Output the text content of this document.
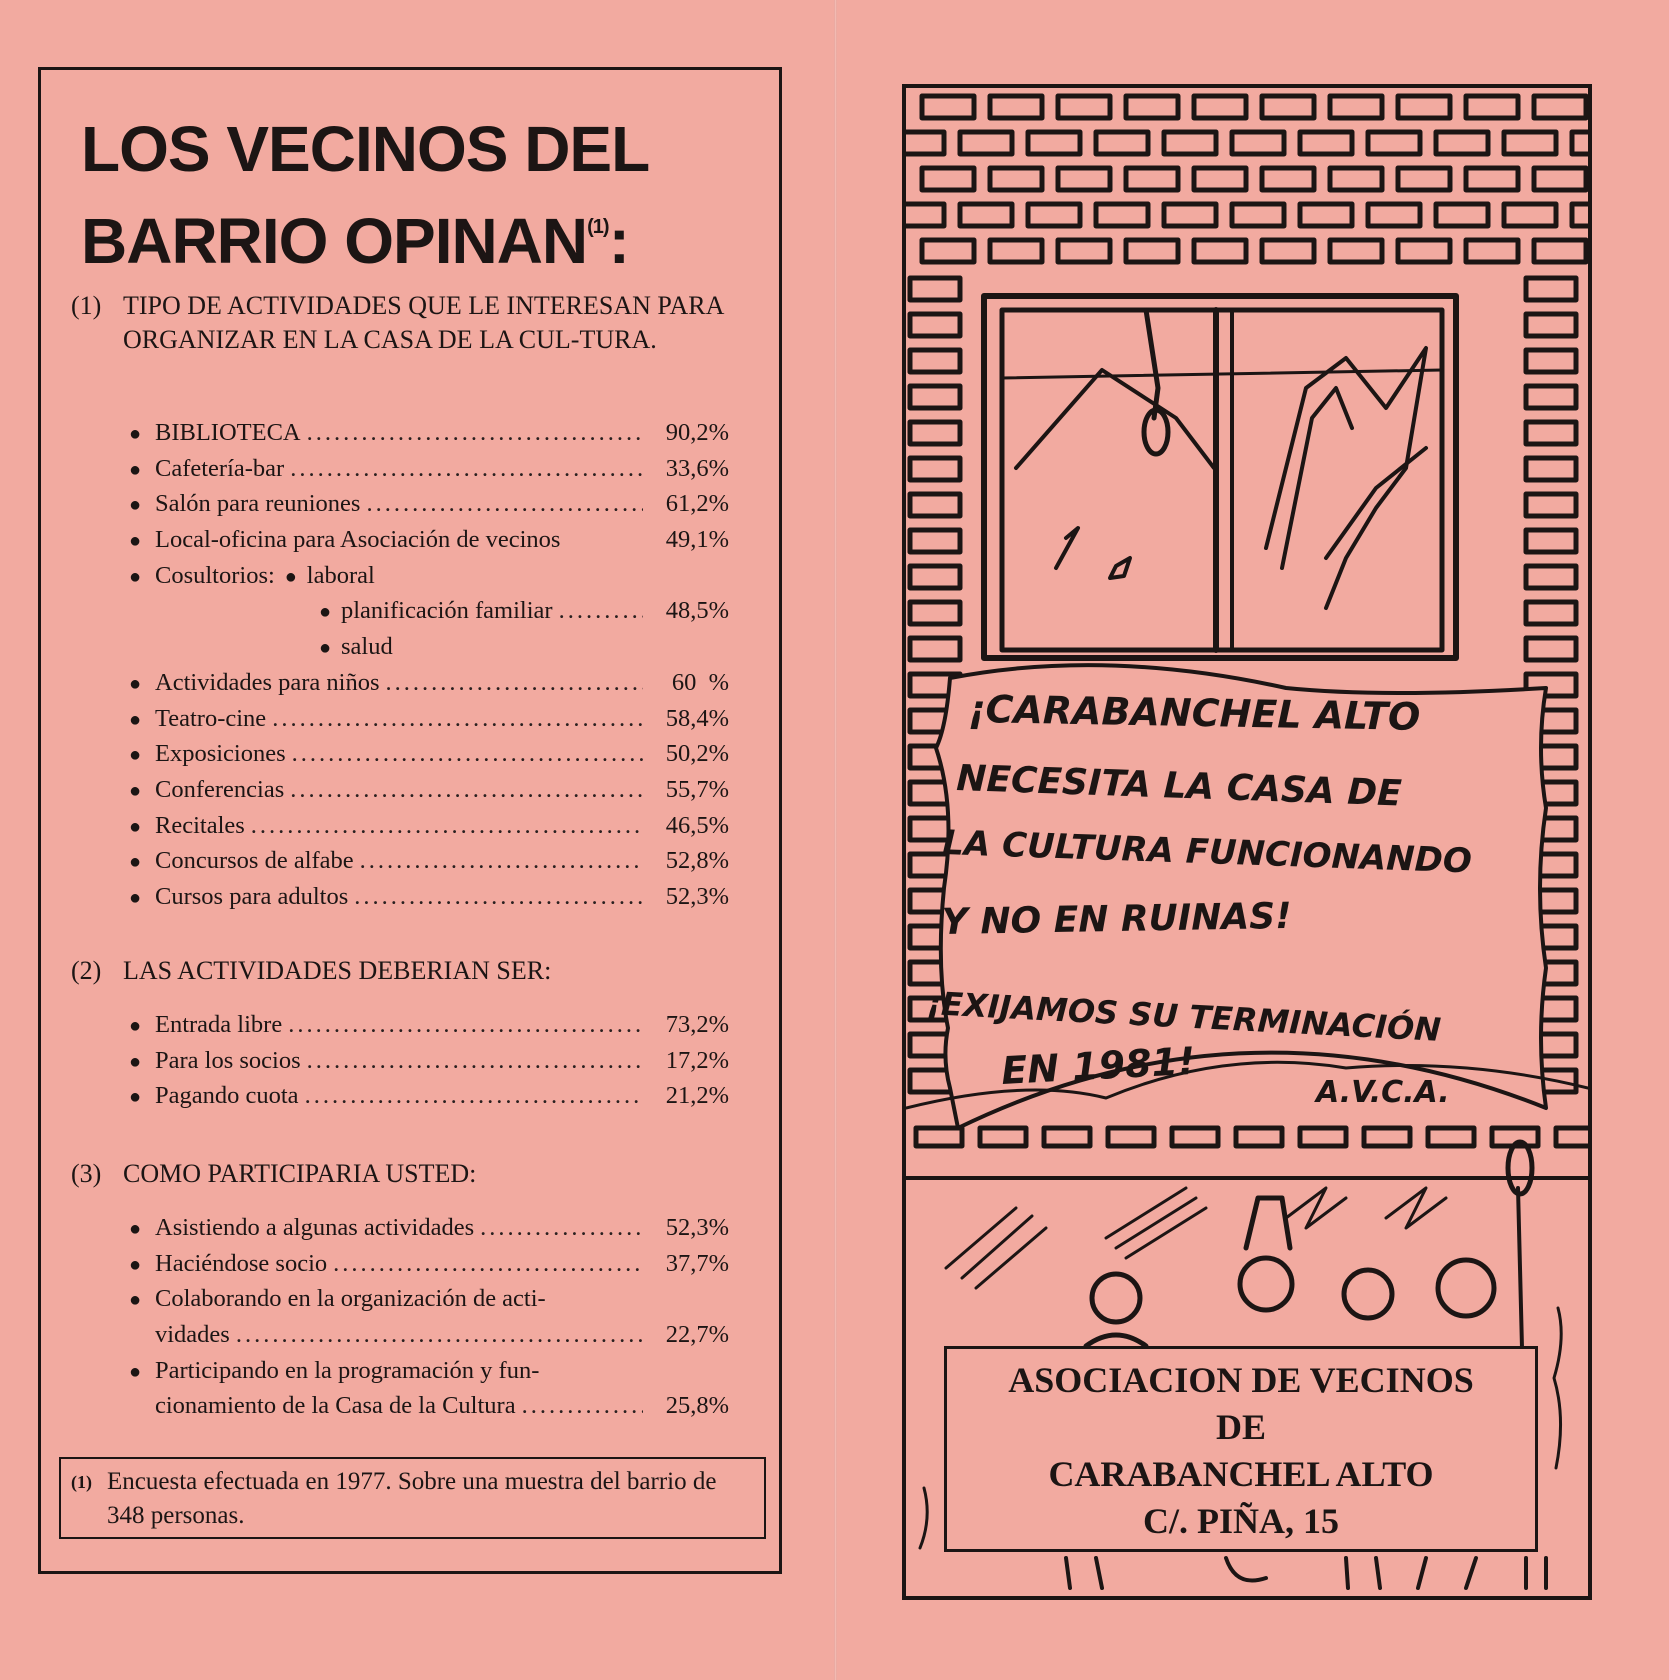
LOS VECINOS DEL
BARRIO OPINAN$^{(1)}$:
(1) TIPO DE ACTIVIDADES QUE LE INTERESAN PARA ORGANIZAR EN LA CASA DE LA CUL-TURA.
● BIBLIOTECA .....	90,2%
● Cafetería-bar .....	33,6%
● Salón para reuniones .....	61,2%
● Local-oficina para Asociación de vecinos	49,1%
● Cosultorios: ● laboral
● planificación familiar .....	48,5%
● salud
● Actividades para niños .....	60  %
● Teatro-cine .....	58,4%
● Exposiciones .....	50,2%
● Conferencias .....	55,7%
● Recitales .....	46,5%
● Concursos de alfabe .....	52,8%
● Cursos para adultos .....	52,3%
(2) LAS ACTIVIDADES DEBERIAN SER:
● Entrada libre .....	73,2%
● Para los socios .....	17,2%
● Pagando cuota .....	21,2%
(3) COMO PARTICIPARIA USTED:
● Asistiendo a algunas actividades .....	52,3%
● Haciéndose socio .....	37,7%
● Colaborando en la organización de acti-
vidades .....	22,7%
● Participando en la programación y fun-
cionamiento de la Casa de la Cultura .....	25,8%
(1) Encuesta efectuada en 1977. Sobre una muestra del barrio de 348 personas.
¡CARABANCHEL ALTO
NECESITA LA CASA DE
LA CULTURA FUNCIONANDO
Y NO EN RUINAS!
¡EXIJAMOS SU TERMINACIÓN
EN 1981!	A.V.C.A.
ASOCIACION DE VECINOS
DE
CARABANCHEL ALTO
C/. PIÑA, 15
